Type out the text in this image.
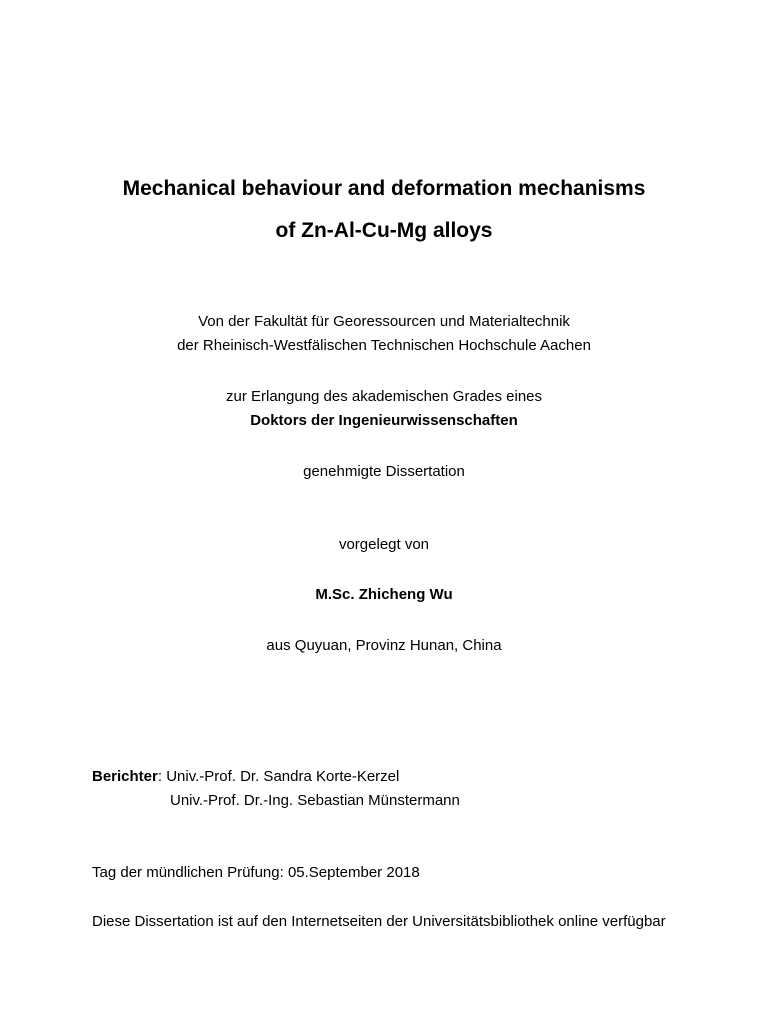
Mechanical behaviour and deformation mechanisms
of Zn-Al-Cu-Mg alloys
Von der Fakultät für Georessourcen und Materialtechnik
der Rheinisch-Westfälischen Technischen Hochschule Aachen
zur Erlangung des akademischen Grades eines
Doktors der Ingenieurwissenschaften
genehmigte Dissertation
vorgelegt von
M.Sc. Zhicheng Wu
aus Quyuan, Provinz Hunan, China
Berichter: Univ.-Prof. Dr. Sandra Korte-Kerzel
Univ.-Prof. Dr.-Ing. Sebastian Münstermann
Tag der mündlichen Prüfung: 05.September 2018
Diese Dissertation ist auf den Internetseiten der Universitätsbibliothek online verfügbar
